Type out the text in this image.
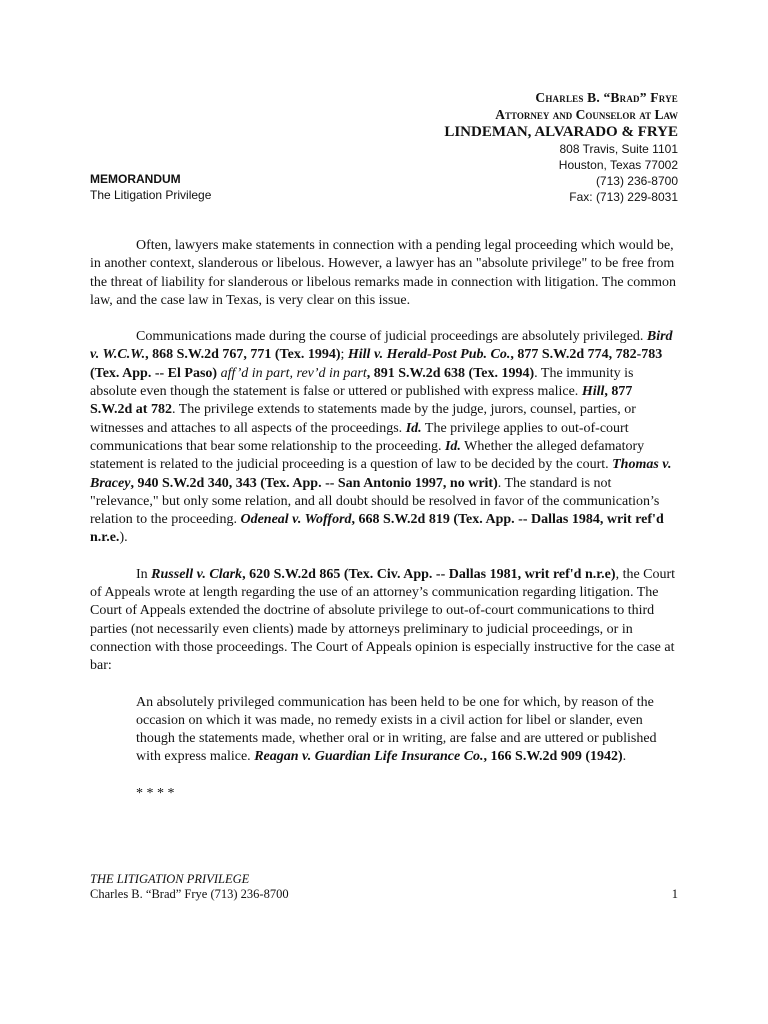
Charles B. “Brad” Frye
Attorney and Counselor at Law
LINDEMAN, ALVARADO & FRYE
808 Travis, Suite 1101
Houston, Texas 77002
(713) 236-8700
Fax: (713) 229-8031
MEMORANDUM
The Litigation Privilege

Often, lawyers make statements in connection with a pending legal proceeding which would be, in another context, slanderous or libelous. However, a lawyer has an "absolute privilege" to be free from the threat of liability for slanderous or libelous remarks made in connection with litigation. The common law, and the case law in Texas, is very clear on this issue.

Communications made during the course of judicial proceedings are absolutely privileged. Bird v. W.C.W., 868 S.W.2d 767, 771 (Tex. 1994); Hill v. Herald-Post Pub. Co., 877 S.W.2d 774, 782-783 (Tex. App. -- El Paso) aff’d in part, rev’d in part, 891 S.W.2d 638 (Tex. 1994). The immunity is absolute even though the statement is false or uttered or published with express malice. Hill, 877 S.W.2d at 782. The privilege extends to statements made by the judge, jurors, counsel, parties, or witnesses and attaches to all aspects of the proceedings. Id. The privilege applies to out-of-court communications that bear some relationship to the proceeding. Id. Whether the alleged defamatory statement is related to the judicial proceeding is a question of law to be decided by the court. Thomas v. Bracey, 940 S.W.2d 340, 343 (Tex. App. -- San Antonio 1997, no writ). The standard is not "relevance," but only some relation, and all doubt should be resolved in favor of the communication’s relation to the proceeding. Odeneal v. Wofford, 668 S.W.2d 819 (Tex. App. -- Dallas 1984, writ ref'd n.r.e.).

In Russell v. Clark, 620 S.W.2d 865 (Tex. Civ. App. -- Dallas 1981, writ ref'd n.r.e), the Court of Appeals wrote at length regarding the use of an attorney’s communication regarding litigation. The Court of Appeals extended the doctrine of absolute privilege to out-of-court communications to third parties (not necessarily even clients) made by attorneys preliminary to judicial proceedings, or in connection with those proceedings. The Court of Appeals opinion is especially instructive for the case at bar:

An absolutely privileged communication has been held to be one for which, by reason of the occasion on which it was made, no remedy exists in a civil action for libel or slander, even though the statements made, whether oral or in writing, are false and are uttered or published with express malice. Reagan v. Guardian Life Insurance Co., 166 S.W.2d 909 (1942).

* * * *

THE LITIGATION PRIVILEGE
Charles B. “Brad” Frye (713) 236-8700	1
